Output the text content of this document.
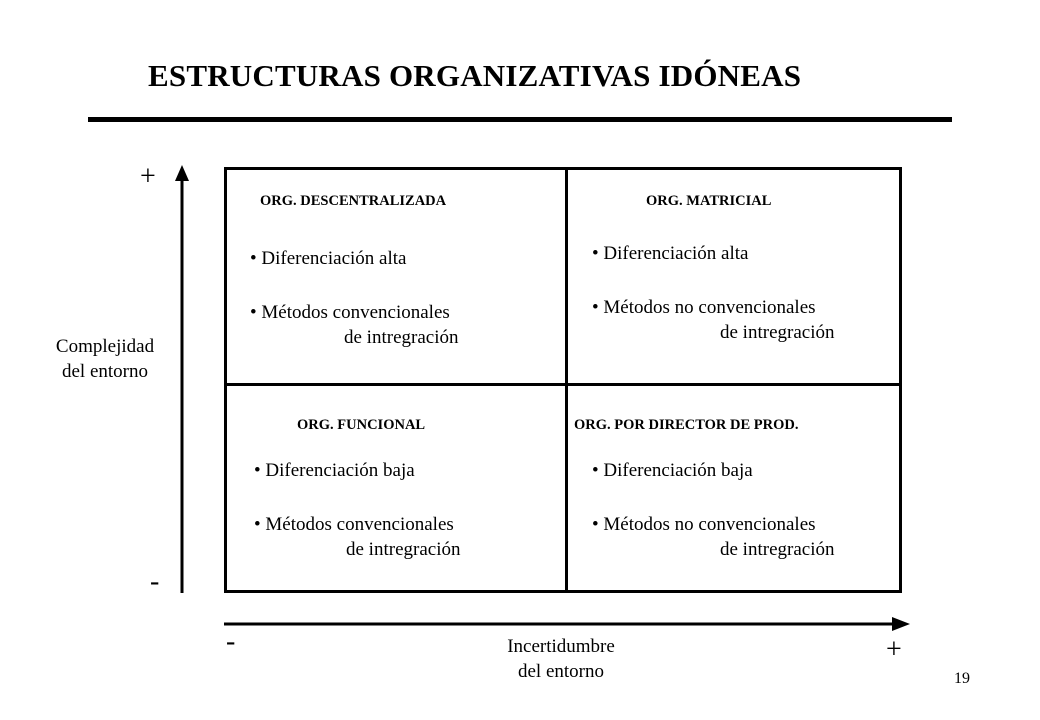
ESTRUCTURAS ORGANIZATIVAS IDÓNEAS
+
-
Complejidad
del entorno
-	+
Incertidumbre
del entorno
ORG. DESCENTRALIZADA
• Diferenciación alta
• Métodos convencionales
de intregración
ORG. MATRICIAL
• Diferenciación alta
• Métodos no convencionales
de intregración
ORG. FUNCIONAL
• Diferenciación baja
• Métodos convencionales
de intregración
ORG. POR DIRECTOR DE PROD.
• Diferenciación baja
• Métodos no convencionales
de intregración
19
